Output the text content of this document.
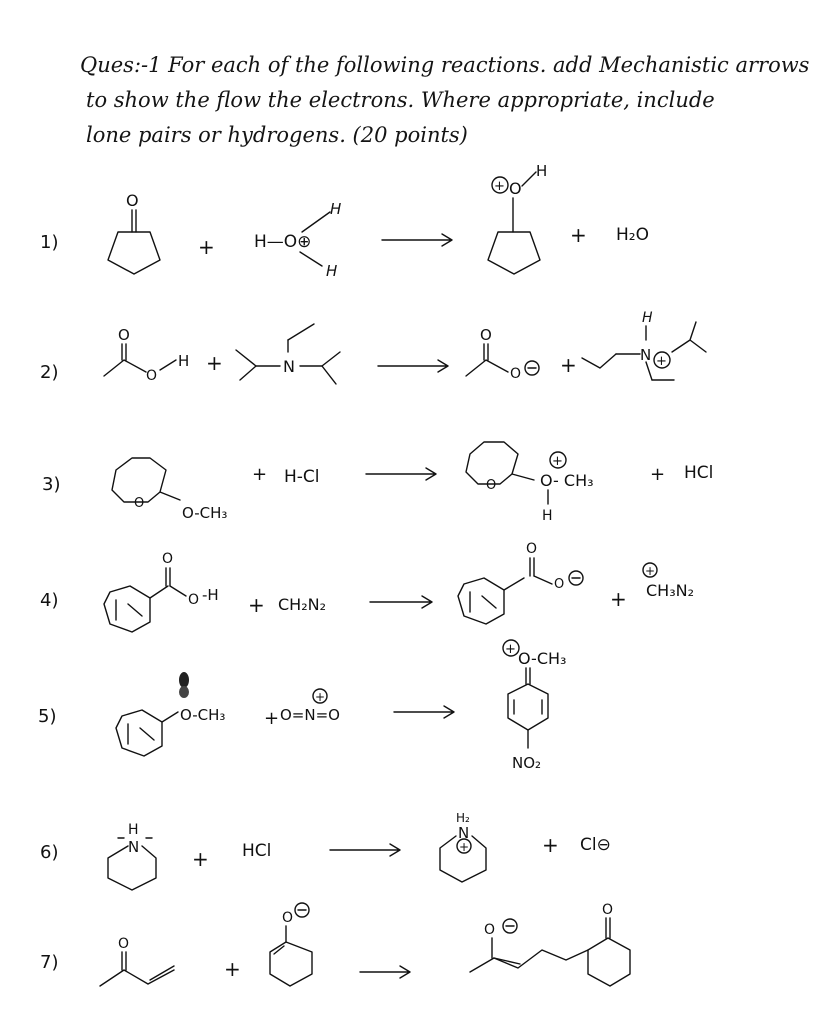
Ques:-1 For each of the following reactions. add Mechanistic arrows
to show the flow the electrons. Where appropriate, include
lone pairs or hydrogens. (20 points)
1)
O
+ H—O⊕
H
H
+ O
H
+ H₂O
2)
O
O
H +	N
O
O +	N
H
+
3)
O
O-CH₃
+ H-Cl	O
+
O- CH₃
H
+ HCl
4)
O
O -H + CH₂N₂
O
O
+
+
CH₃N₂
5)	O-CH₃ +
+
O=N=O
+ O-CH₃
NO₂
6)
H
N	+ HCl
H₂
N
+	+ Cl⊖
7)
O
+
O
O
O
